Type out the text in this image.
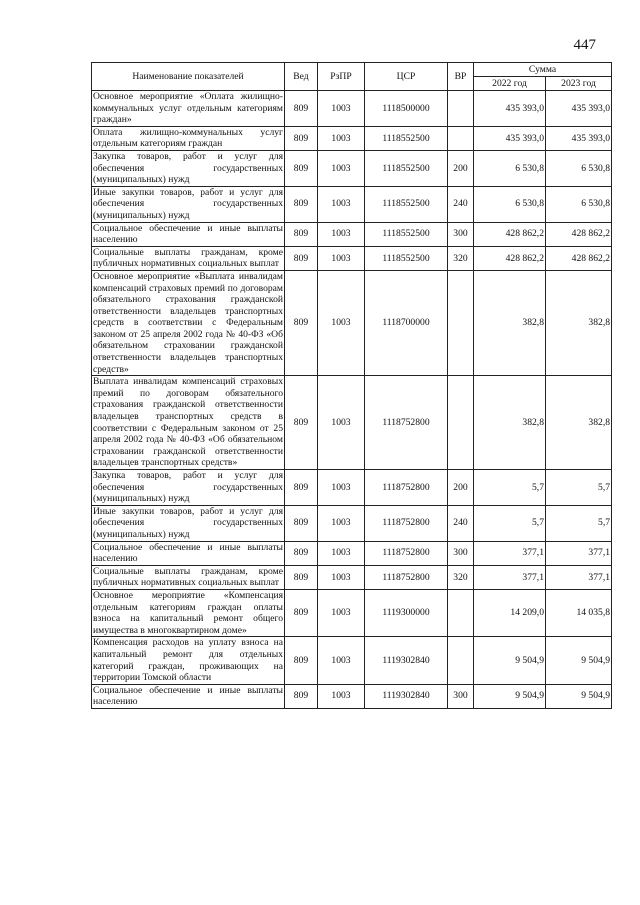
447
Наименование показателей	Вед	РзПР	ЦСР	ВР	Сумма	
					2022 год	2023 год
Основное мероприятие «Оплата жилищно-коммунальных услуг отдельным категориям граждан»	809	1003	1118500000		435 393,0	435 393,0
Оплата жилищно-коммунальных услуг отдельным категориям граждан	809	1003	1118552500		435 393,0	435 393,0
Закупка товаров, работ и услуг для обеспечения государственных (муниципальных) нужд	809	1003	1118552500	200	6 530,8	6 530,8
Иные закупки товаров, работ и услуг для обеспечения государственных (муниципальных) нужд	809	1003	1118552500	240	6 530,8	6 530,8
Социальное обеспечение и иные выплаты населению	809	1003	1118552500	300	428 862,2	428 862,2
Социальные выплаты гражданам, кроме публичных нормативных социальных выплат	809	1003	1118552500	320	428 862,2	428 862,2
Основное мероприятие «Выплата инвалидам компенсаций страховых премий по договорам обязательного страхования гражданской ответственности владельцев транспортных средств в соответствии с Федеральным законом от 25 апреля 2002 года № 40-ФЗ «Об обязательном страховании гражданской ответственности владельцев транспортных средств»	809	1003	1118700000		382,8	382,8
Выплата инвалидам компенсаций страховых премий по договорам обязательного страхования гражданской ответственности владельцев транспортных средств в соответствии с Федеральным законом от 25 апреля 2002 года № 40-ФЗ «Об обязательном страховании гражданской ответственности владельцев транспортных средств»	809	1003	1118752800		382,8	382,8
Закупка товаров, работ и услуг для обеспечения государственных (муниципальных) нужд	809	1003	1118752800	200	5,7	5,7
Иные закупки товаров, работ и услуг для обеспечения государственных (муниципальных) нужд	809	1003	1118752800	240	5,7	5,7
Социальное обеспечение и иные выплаты населению	809	1003	1118752800	300	377,1	377,1
Социальные выплаты гражданам, кроме публичных нормативных социальных выплат	809	1003	1118752800	320	377,1	377,1
Основное мероприятие «Компенсация отдельным категориям граждан оплаты взноса на капитальный ремонт общего имущества в многоквартирном доме»	809	1003	1119300000		14 209,0	14 035,8
Компенсация расходов на уплату взноса на капитальный ремонт для отдельных категорий граждан, проживающих на территории Томской области	809	1003	1119302840		9 504,9	9 504,9
Социальное обеспечение и иные выплаты населению	809	1003	1119302840	300	9 504,9	9 504,9
